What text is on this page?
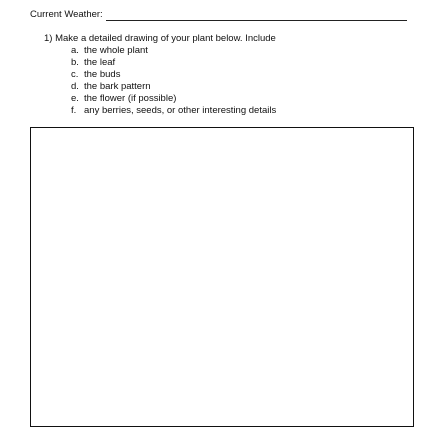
Current Weather:
1) Make a detailed drawing of your plant below. Include
a. the whole plant
b. the leaf
c. the buds
d. the bark pattern
e. the flower (if possible)
f. any berries, seeds, or other interesting details
